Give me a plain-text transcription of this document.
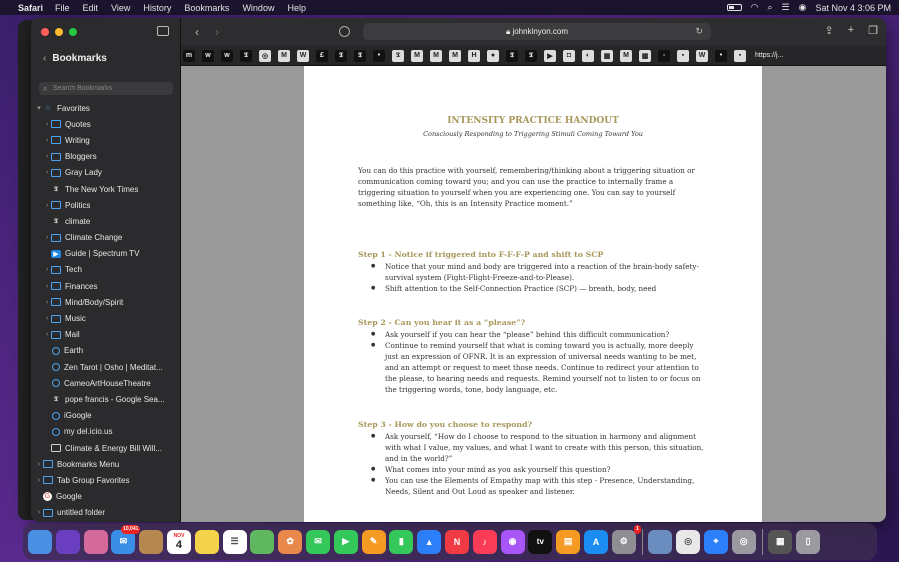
Safari File Edit View History Bookmarks Window Help	◠ ⌕ ☰ ◉ Sat Nov 4 3:06 PM
‹ Bookmarks
⌕ Search Bookmarks
▾ ☆ Favorites
›	Quotes
›	Writing
›	Bloggers
›	Gray Lady
𝕿 The New York Times
›	Politics
𝕿 climate
›	Climate Change
▶ Guide | Spectrum TV
›	Tech
›	Finances
›	Mind/Body/Spirit
›	Music
›	Mail
Earth
Zen Tarot | Osho | Meditat...
CameoArtHouseTheatre
𝕿 pope francis - Google Sea...
iGoogle
my del.icio.us
Climate & Energy Bill Will...
›	Bookmarks Menu
›	Tab Group Favorites
G Google
›	untitled folder
‹ ›	🔒︎ johnkinyon.com	↻	⇪ + ❐
m	w	w	𝕿	◎	M	W	£	𝕿	𝕿	•	𝕿	M	M	M	H	●	𝕿	𝕿	▶	◘	◐	▦	M	▦	◦	▪	W	•	▪	https://j...
INTENSITY PRACTICE HANDOUT
Consciously Responding to Triggering Stimuli Coming Toward You
You can do this practice with yourself, remembering/thinking about a triggering situation or communication coming toward you; and you can use the practice to internally frame a triggering situation to yourself when you are experiencing one. You can say to yourself something like, “Oh, this is an Intensity Practice moment.”
Step 1 - Notice if triggered into F-F-F-P and shift to SCP
● Notice that your mind and body are triggered into a reaction of the brain-body safety-survival system (Fight-Flight-Freeze-and-to-Please).
● Shift attention to the Self-Connection Practice (SCP) — breath, body, need
Step 2 - Can you hear it as a “please”?
● Ask yourself if you can hear the “please” behind this difficult communication?
● Continue to remind yourself that what is coming toward you is actually, more deeply just an expression of OFNR. It is an expression of universal needs wanting to be met, and an attempt or request to meet those needs. Continue to redirect your attention to the please, to hearing needs and requests. Remind yourself not to listen to or focus on the triggering words, tone, body language, etc.
Step 3 - How do you choose to respond?
● Ask yourself, “How do I choose to respond to the situation in harmony and alignment with what I value, my values, and what I want to create with this person, this situation, and in the world?”
● What comes into your mind as you ask yourself this question?
● You can use the Elements of Empathy map with this step - Presence, Understanding, Needs, Silent and Out Loud as speaker and listener.
✉
10,041
NOV
4	☰	✿	✉	▶	✎	▮	▲	N	♪	◉	tv	▤	A	⚙
1
◎	⌖	◎	▦	▯
